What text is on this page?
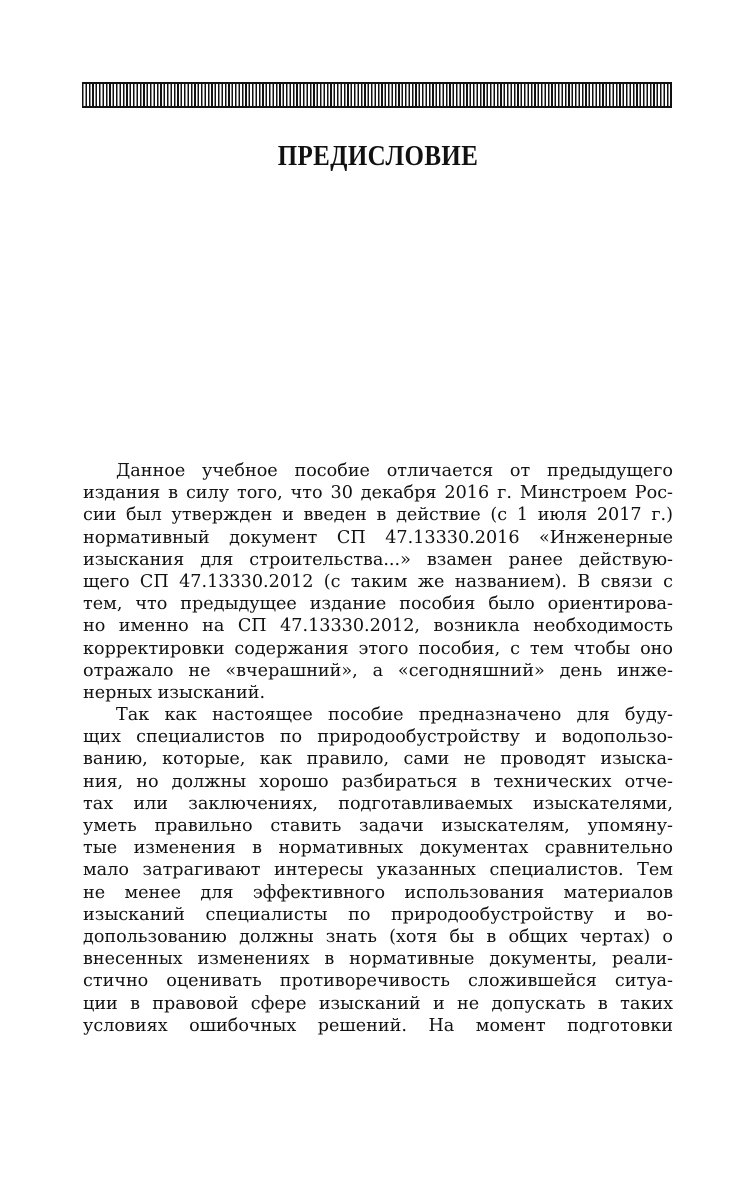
ПРЕДИСЛОВИЕ
Данное учебное пособие отличается от предыдущего
издания в силу того, что 30 декабря 2016 г. Минстроем Рос-
сии был утвержден и введен в действие (с 1 июля 2017 г.)
нормативный документ СП 47.13330.2016 «Инженерные
изыскания для строительства...» взамен ранее действую-
щего СП 47.13330.2012 (с таким же названием). В связи с
тем, что предыдущее издание пособия было ориентирова-
но именно на СП 47.13330.2012, возникла необходимость
корректировки содержания этого пособия, с тем чтобы оно
отражало не «вчерашний», а «сегодняшний» день инже-
нерных изысканий.
Так как настоящее пособие предназначено для буду-
щих специалистов по природообустройству и водопользо-
ванию, которые, как правило, сами не проводят изыска-
ния, но должны хорошо разбираться в технических отче-
тах или заключениях, подготавливаемых изыскателями,
уметь правильно ставить задачи изыскателям, упомяну-
тые изменения в нормативных документах сравнительно
мало затрагивают интересы указанных специалистов. Тем
не менее для эффективного использования материалов
изысканий специалисты по природообустройству и во-
допользованию должны знать (хотя бы в общих чертах) о
внесенных изменениях в нормативные документы, реали-
стично оценивать противоречивость сложившейся ситуа-
ции в правовой сфере изысканий и не допускать в таких
условиях ошибочных решений. На момент подготовки
